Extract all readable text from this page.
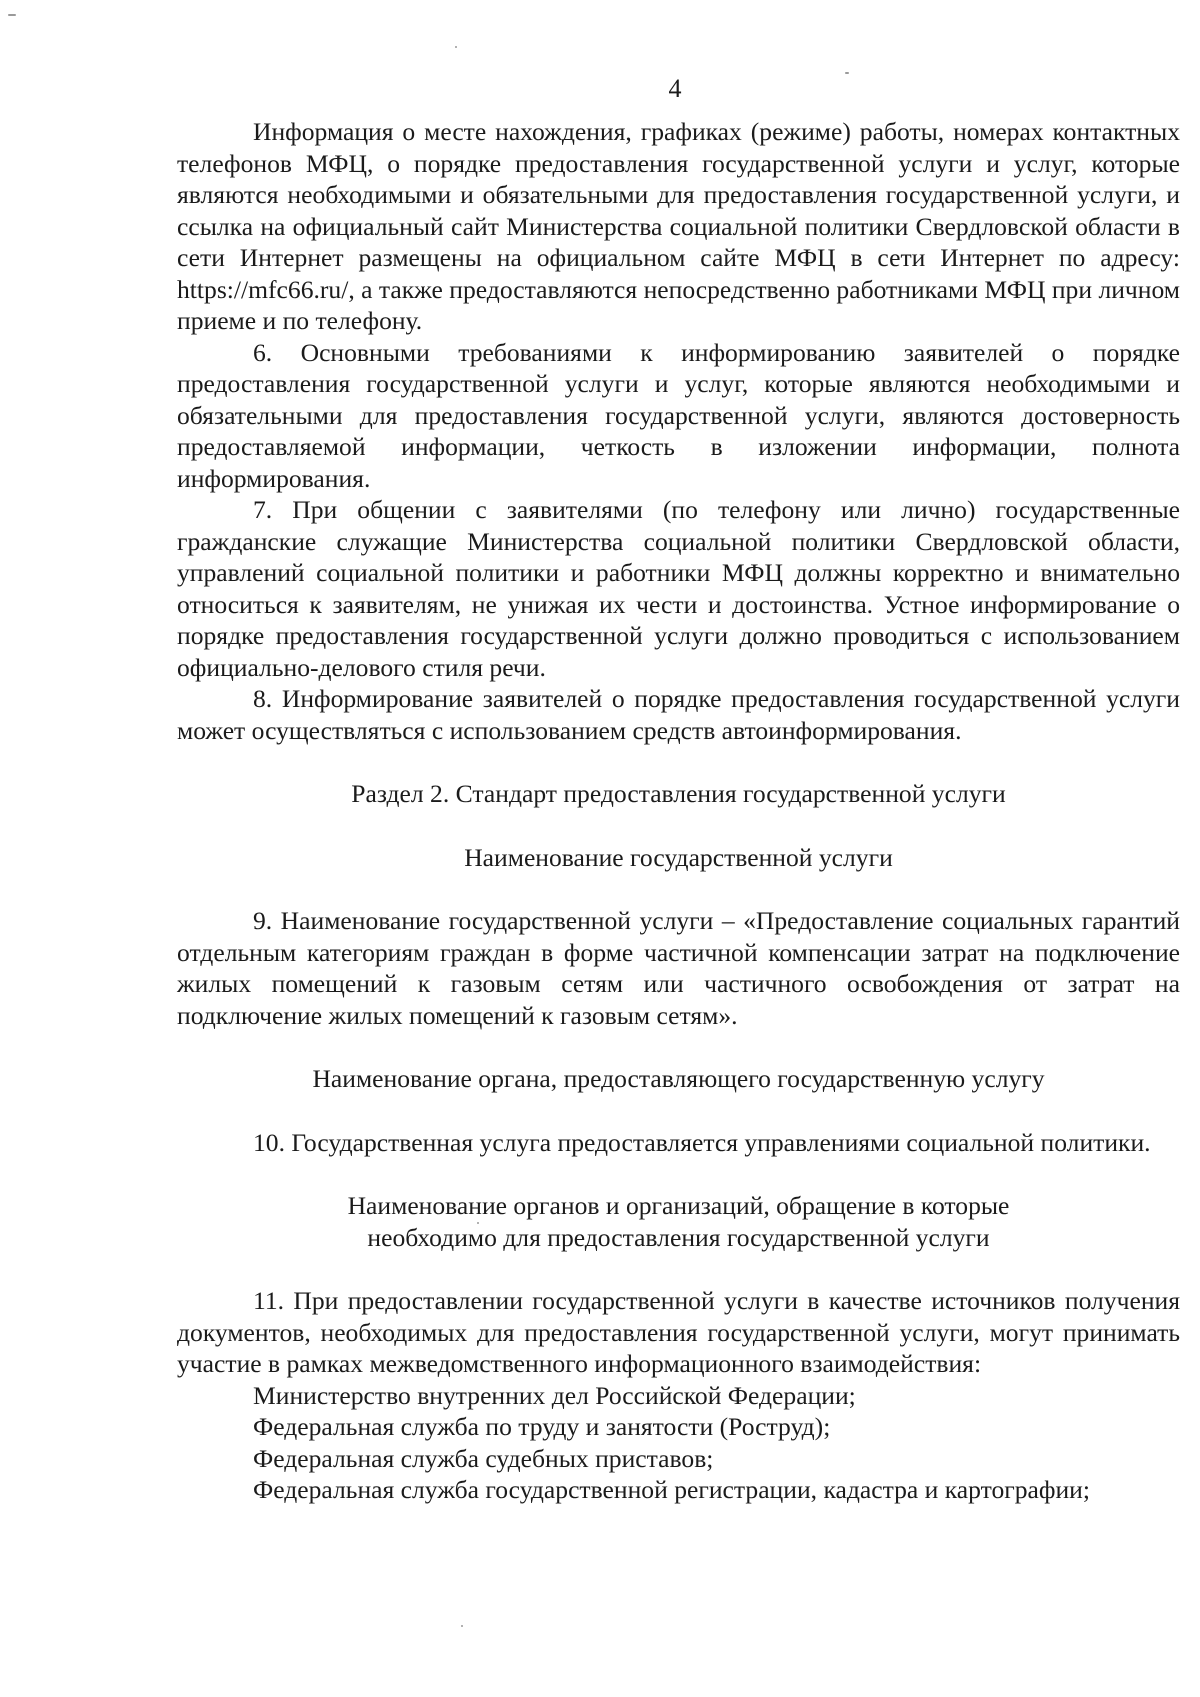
4

Информация о месте нахождения, графиках (режиме) работы, номерах контактных телефонов МФЦ, о порядке предоставления государственной услуги и услуг, которые являются необходимыми и обязательными для предоставления государственной услуги, и ссылка на официальный сайт Министерства социальной политики Свердловской области в сети Интернет размещены на официальном сайте МФЦ в сети Интернет по адресу: https://mfc66.ru/, а также предоставляются непосредственно работниками МФЦ при личном приеме и по телефону.

6. Основными требованиями к информированию заявителей о порядке предоставления государственной услуги и услуг, которые являются необходимыми и обязательными для предоставления государственной услуги, являются достоверность предоставляемой информации, четкость в изложении информации, полнота информирования.

7. При общении с заявителями (по телефону или лично) государственные гражданские служащие Министерства социальной политики Свердловской области, управлений социальной политики и работники МФЦ должны корректно и внимательно относиться к заявителям, не унижая их чести и достоинства. Устное информирование о порядке предоставления государственной услуги должно проводиться с использованием официально-делового стиля речи.

8. Информирование заявителей о порядке предоставления государственной услуги может осуществляться с использованием средств автоинформирования.

Раздел 2. Стандарт предоставления государственной услуги

Наименование государственной услуги

9. Наименование государственной услуги – «Предоставление социальных гарантий отдельным категориям граждан в форме частичной компенсации затрат на подключение жилых помещений к газовым сетям или частичного освобождения от затрат на подключение жилых помещений к газовым сетям».

Наименование органа, предоставляющего государственную услугу

10. Государственная услуга предоставляется управлениями социальной политики.

Наименование органов и организаций, обращение в которые

необходимо для предоставления государственной услуги

11. При предоставлении государственной услуги в качестве источников получения документов, необходимых для предоставления государственной услуги, могут принимать участие в рамках межведомственного информационного взаимодействия:

Министерство внутренних дел Российской Федерации;

Федеральная служба по труду и занятости (Роструд);

Федеральная служба судебных приставов;

Федеральная служба государственной регистрации, кадастра и картографии;
